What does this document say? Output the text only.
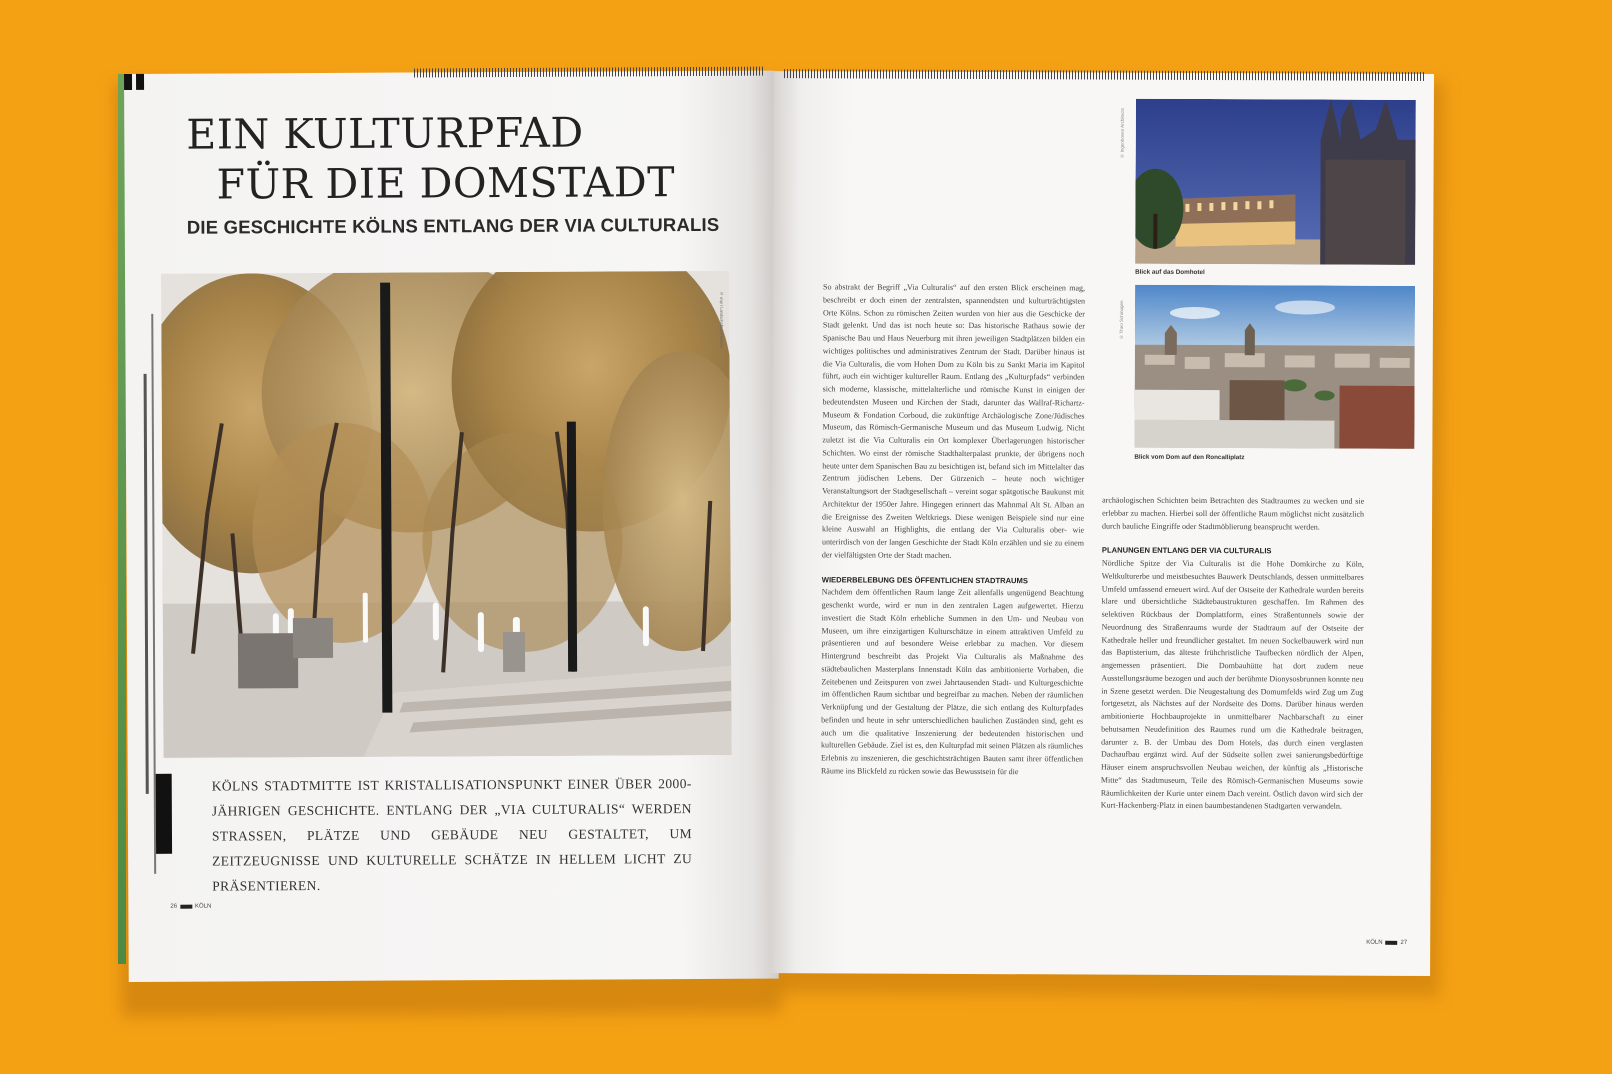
EIN KULTURPFAD
FÜR DIE DOMSTADT
DIE GESCHICHTE KÖLNS ENTLANG DER VIA CULTURALIS
© rmp / Landschaftsarchitekten

KÖLNS STADTMITTE IST KRISTALLISATIONSPUNKT EINER ÜBER 2000-JÄHRIGEN GESCHICHTE. ENTLANG DER „VIA CULTURALIS“ WERDEN STRASSEN, PLÄTZE UND GEBÄUDE NEU GESTALTET, UM ZEITZEUGNISSE UND KULTURELLE SCHÄTZE IN HELLEM LICHT ZU PRÄSENTIEREN.

26	KÖLN
© Ingenhoven Architects
Blick auf das Domhotel
© Theo Schmugen
Blick vom Dom auf den Roncalliplatz

So abstrakt der Begriff „Via Culturalis“ auf den ersten Blick erscheinen mag, beschreibt er doch einen der zentralsten, spannendsten und kulturträchtigsten Orte Kölns. Schon zu römischen Zeiten wurden von hier aus die Geschicke der Stadt gelenkt. Und das ist noch heute so: Das historische Rathaus sowie der Spanische Bau und Haus Neuerburg mit ihren jeweiligen Stadtplätzen bilden ein wichtiges politisches und administratives Zentrum der Stadt. Darüber hinaus ist die Via Culturalis, die vom Hohen Dom zu Köln bis zu Sankt Maria im Kapitol führt, auch ein wichtiger kultureller Raum. Entlang des „Kulturpfads“ verbinden sich moderne, klassische, mittelalterliche und römische Kunst in einigen der bedeutendsten Museen und Kirchen der Stadt, darunter das Wallraf-Richartz-Museum & Fondation Corboud, die zukünftige Archäologische Zone/Jüdisches Museum, das Römisch-Germanische Museum und das Museum Ludwig. Nicht zuletzt ist die Via Culturalis ein Ort komplexer Überlagerungen historischer Schichten. Wo einst der römische Stadthalterpalast prunkte, der übrigens noch heute unter dem Spanischen Bau zu besichtigen ist, befand sich im Mittelalter das Zentrum jüdischen Lebens. Der Gürzenich – heute noch wichtiger Veranstaltungsort der Stadtgesellschaft – vereint sogar spätgotische Baukunst mit Architektur der 1950er Jahre. Hingegen erinnert das Mahnmal Alt St. Alban an die Ereignisse des Zweiten Weltkriegs. Diese wenigen Beispiele sind nur eine kleine Auswahl an Highlights, die entlang der Via Culturalis ober- wie unterirdisch von der langen Geschichte der Stadt Köln erzählen und sie zu einem der vielfältigsten Orte der Stadt machen.

WIEDERBELEBUNG DES ÖFFENTLICHEN STADTRAUMS

Nachdem dem öffentlichen Raum lange Zeit allenfalls ungenügend Beachtung geschenkt wurde, wird er nun in den zentralen Lagen aufgewertet. Hierzu investiert die Stadt Köln erhebliche Summen in den Um- und Neubau von Museen, um ihre einzigartigen Kulturschätze in einem attraktiven Umfeld zu präsentieren und auf besondere Weise erlebbar zu machen. Vor diesem Hintergrund beschreibt das Projekt Via Culturalis als Maßnahme des städtebaulichen Masterplans Innenstadt Köln das ambitionierte Vorhaben, die Zeitebenen und Zeitspuren von zwei Jahrtausenden Stadt- und Kulturgeschichte im öffentlichen Raum sichtbar und begreifbar zu machen. Neben der räumlichen Verknüpfung und der Gestaltung der Plätze, die sich entlang des Kulturpfades befinden und heute in sehr unterschiedlichen baulichen Zuständen sind, geht es auch um die qualitative Inszenierung der bedeutenden historischen und kulturellen Gebäude. Ziel ist es, den Kulturpfad mit seinen Plätzen als räumliches Erlebnis zu inszenieren, die geschichtsträchtigen Bauten samt ihrer öffentlichen Räume ins Blickfeld zu rücken sowie das Bewusstsein für die

archäologischen Schichten beim Betrachten des Stadtraumes zu wecken und sie erlebbar zu machen. Hierbei soll der öffentliche Raum möglichst nicht zusätzlich durch bauliche Eingriffe oder Stadtmöblierung beansprucht werden.

PLANUNGEN ENTLANG DER VIA CULTURALIS

Nördliche Spitze der Via Culturalis ist die Hohe Domkirche zu Köln, Weltkulturerbe und meistbesuchtes Bauwerk Deutschlands, dessen unmittelbares Umfeld umfassend erneuert wird. Auf der Ostseite der Kathedrale wurden bereits klare und übersichtliche Städtebaustrukturen geschaffen. Im Rahmen des selektiven Rückbaus der Domplattform, eines Straßentunnels sowie der Neuordnung des Straßenraums wurde der Stadtraum auf der Ostseite der Kathedrale heller und freundlicher gestaltet. Im neuen Sockelbauwerk wird nun das Baptisterium, das älteste frühchristliche Taufbecken nördlich der Alpen, angemessen präsentiert. Die Dombauhütte hat dort zudem neue Ausstellungsräume bezogen und auch der berühmte Dionysosbrunnen konnte neu in Szene gesetzt werden. Die Neugestaltung des Domumfelds wird Zug um Zug fortgesetzt, als Nächstes auf der Nordseite des Doms. Darüber hinaus werden ambitionierte Hochbauprojekte in unmittelbarer Nachbarschaft zu einer behutsamen Neudefinition des Raumes rund um die Kathedrale beitragen, darunter z. B. der Umbau des Dom Hotels, das durch einen verglasten Dachaufbau ergänzt wird. Auf der Südseite sollen zwei sanierungsbedürftige Häuser einem anspruchsvollen Neubau weichen, der künftig als „Historische Mitte“ das Stadtmuseum, Teile des Römisch-Germanischen Museums sowie Räumlichkeiten der Kurie unter einem Dach vereint. Östlich davon wird sich der Kurt-Hackenberg-Platz in einen baumbestandenen Stadtgarten verwandeln.

KÖLN	27
